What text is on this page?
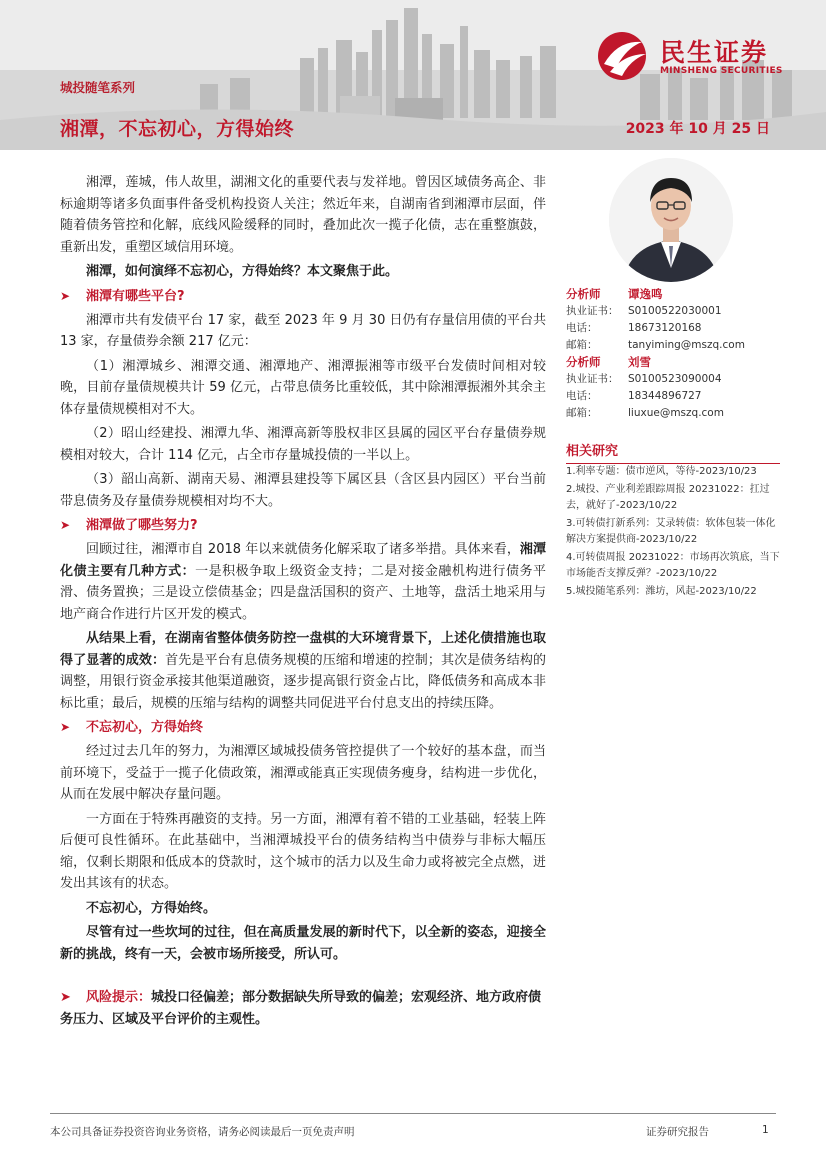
民生证券
MINSHENG SECURITIES
城投随笔系列
湘潭，不忘初心，方得始终	2023 年 10 月 25 日

湘潭，莲城，伟人故里，湖湘文化的重要代表与发祥地。曾因区域债务高企、非标逾期等诸多负面事件备受机构投资人关注；然近年来，自湖南省到湘潭市层面，伴随着债务管控和化解，底线风险缓释的同时，叠加此次一揽子化债，志在重整旗鼓，重新出发，重塑区域信用环境。

湘潭，如何演绎不忘初心，方得始终？本文聚焦于此。

➤ 湘潭有哪些平台?

湘潭市共有发债平台 17 家，截至 2023 年 9 月 30 日仍有存量信用债的平台共 13 家，存量债券余额 217 亿元：

（1）湘潭城乡、湘潭交通、湘潭地产、湘潭振湘等市级平台发债时间相对较晚，目前存量债规模共计 59 亿元，占带息债务比重较低，其中除湘潭振湘外其余主体存量债规模相对不大。

（2）昭山经建投、湘潭九华、湘潭高新等股权非区县属的园区平台存量债券规模相对较大，合计 114 亿元，占全市存量城投债的一半以上。

（3）韶山高新、湖南天易、湘潭县建投等下属区县（含区县内园区）平台当前带息债务及存量债券规模相对均不大。

➤ 湘潭做了哪些努力?

回顾过往，湘潭市自 2018 年以来就债务化解采取了诸多举措。具体来看，湘潭化债主要有几种方式：一是积极争取上级资金支持；二是对接金融机构进行债务平滑、债务置换；三是设立偿债基金；四是盘活国积的资产、土地等，盘活土地采用与地产商合作进行片区开发的模式。

从结果上看，在湖南省整体债务防控一盘棋的大环境背景下，上述化债措施也取得了显著的成效：首先是平台有息债务规模的压缩和增速的控制；其次是债务结构的调整，用银行资金承接其他渠道融资，逐步提高银行资金占比，降低债务和高成本非标比重；最后，规模的压缩与结构的调整共同促进平台付息支出的持续压降。

➤ 不忘初心，方得始终

经过过去几年的努力，为湘潭区域城投债务管控提供了一个较好的基本盘，而当前环境下，受益于一揽子化债政策，湘潭或能真正实现债务瘦身，结构进一步优化，从而在发展中解决存量问题。

一方面在于特殊再融资的支持。另一方面，湘潭有着不错的工业基础，轻装上阵后便可良性循环。在此基础中，当湘潭城投平台的债务结构当中债券与非标大幅压缩，仅剩长期限和低成本的贷款时，这个城市的活力以及生命力或将被完全点燃，迸发出其该有的状态。

不忘初心，方得始终。

尽管有过一些坎坷的过往，但在高质量发展的新时代下，以全新的姿态，迎接全新的挑战，终有一天，会被市场所接受，所认可。

➤ 风险提示：城投口径偏差；部分数据缺失所导致的偏差；宏观经济、地方政府债务压力、区域及平台评价的主观性。
分析师	谭逸鸣
执业证书： S0100522030001
电话：	18673120168
邮箱：	tanyiming@mszq.com
分析师	刘雪
执业证书： S0100523090004
电话：	18344896727
邮箱：	liuxue@mszq.com
相关研究
1.利率专题：债市逆风，等待-2023/10/23
2.城投、产业利差跟踪周报 20231022：扛过去，就好了-2023/10/22
3.可转债打新系列：艾录转债：软体包装一体化解决方案提供商-2023/10/22
4.可转债周报 20231022：市场再次筑底，当下市场能否支撑反弹？-2023/10/22
5.城投随笔系列：潍坊，风起-2023/10/22
本公司具备证券投资咨询业务资格，请务必阅读最后一页免责声明	证券研究报告	1
